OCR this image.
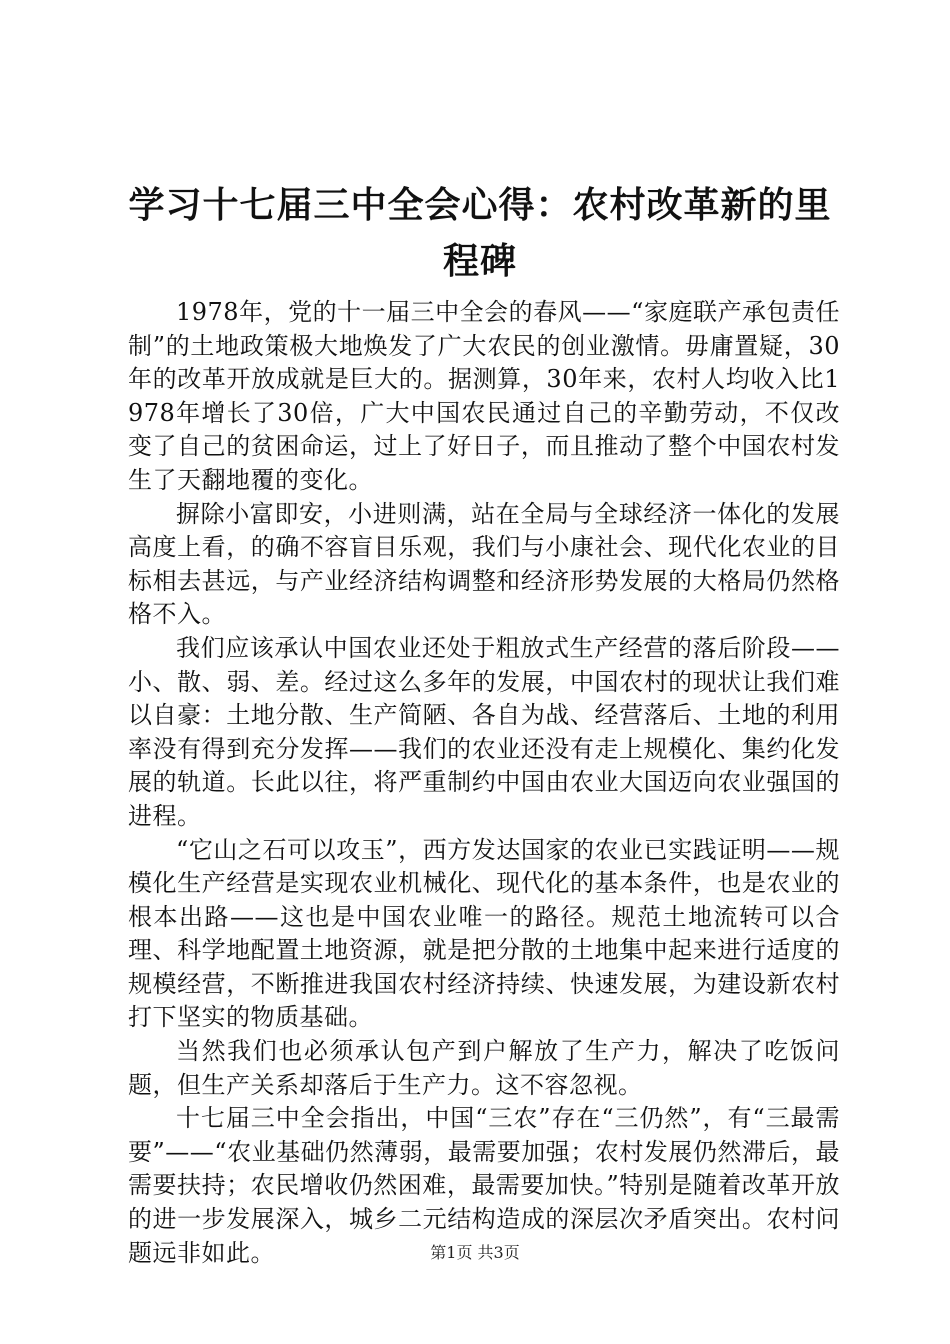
学习十七届三中全会心得：农村改革新的里程碑

1978年，党的十一届三中全会的春风——“家庭联产承包责任制”的土地政策极大地焕发了广大农民的创业激情。毋庸置疑，30年的改革开放成就是巨大的。据测算，30年来，农村人均收入比1978年增长了30倍，广大中国农民通过自己的辛勤劳动，不仅改变了自己的贫困命运，过上了好日子，而且推动了整个中国农村发生了天翻地覆的变化。

摒除小富即安，小进则满，站在全局与全球经济一体化的发展高度上看，的确不容盲目乐观，我们与小康社会、现代化农业的目标相去甚远，与产业经济结构调整和经济形势发展的大格局仍然格格不入。

我们应该承认中国农业还处于粗放式生产经营的落后阶段——小、散、弱、差。经过这么多年的发展，中国农村的现状让我们难以自豪：土地分散、生产简陋、各自为战、经营落后、土地的利用率没有得到充分发挥——我们的农业还没有走上规模化、集约化发展的轨道。长此以往，将严重制约中国由农业大国迈向农业强国的进程。

“它山之石可以攻玉”，西方发达国家的农业已实践证明——规模化生产经营是实现农业机械化、现代化的基本条件，也是农业的根本出路——这也是中国农业唯一的路径。规范土地流转可以合理、科学地配置土地资源，就是把分散的土地集中起来进行适度的规模经营，不断推进我国农村经济持续、快速发展，为建设新农村打下坚实的物质基础。

当然我们也必须承认包产到户解放了生产力，解决了吃饭问题，但生产关系却落后于生产力。这不容忽视。

十七届三中全会指出，中国“三农”存在“三仍然”，有“三最需要”——“农业基础仍然薄弱，最需要加强；农村发展仍然滞后，最需要扶持；农民增收仍然困难，最需要加快。”特别是随着改革开放的进一步发展深入，城乡二元结构造成的深层次矛盾突出。农村问题远非如此。	第1页 共3页
